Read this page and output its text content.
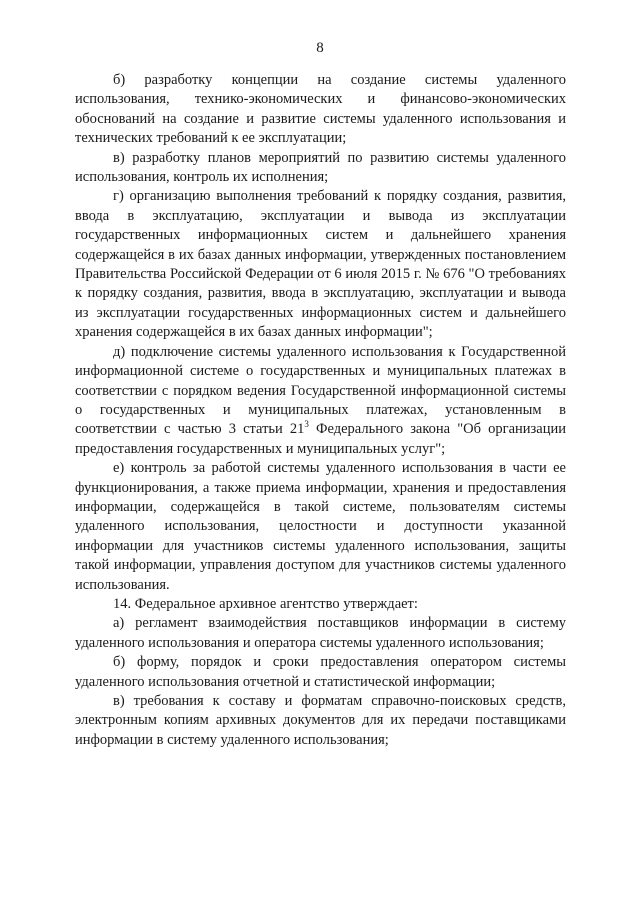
8

б) разработку концепции на создание системы удаленного использования, технико-экономических и финансово-экономических обоснований на создание и развитие системы удаленного использования и технических требований к ее эксплуатации;

в) разработку планов мероприятий по развитию системы удаленного использования, контроль их исполнения;

г) организацию выполнения требований к порядку создания, развития, ввода в эксплуатацию, эксплуатации и вывода из эксплуатации государственных информационных систем и дальнейшего хранения содержащейся в их базах данных информации, утвержденных постановлением Правительства Российской Федерации от 6 июля 2015 г. № 676 "О требованиях к порядку создания, развития, ввода в эксплуатацию, эксплуатации и вывода из эксплуатации государственных информационных систем и дальнейшего хранения содержащейся в их базах данных информации";

д) подключение системы удаленного использования к Государственной информационной системе о государственных и муниципальных платежах в соответствии с порядком ведения Государственной информационной системы о государственных и муниципальных платежах, установленным в соответствии с частью 3 статьи $21^3$ Федерального закона "Об организации предоставления государственных и муниципальных услуг";

е) контроль за работой системы удаленного использования в части ее функционирования, а также приема информации, хранения и предоставления информации, содержащейся в такой системе, пользователям системы удаленного использования, целостности и доступности указанной информации для участников системы удаленного использования, защиты такой информации, управления доступом для участников системы удаленного использования.

14. Федеральное архивное агентство утверждает:

а) регламент взаимодействия поставщиков информации в систему удаленного использования и оператора системы удаленного использования;

б) форму, порядок и сроки предоставления оператором системы удаленного использования отчетной и статистической информации;

в) требования к составу и форматам справочно-поисковых средств, электронным копиям архивных документов для их передачи поставщиками информации в систему удаленного использования;
